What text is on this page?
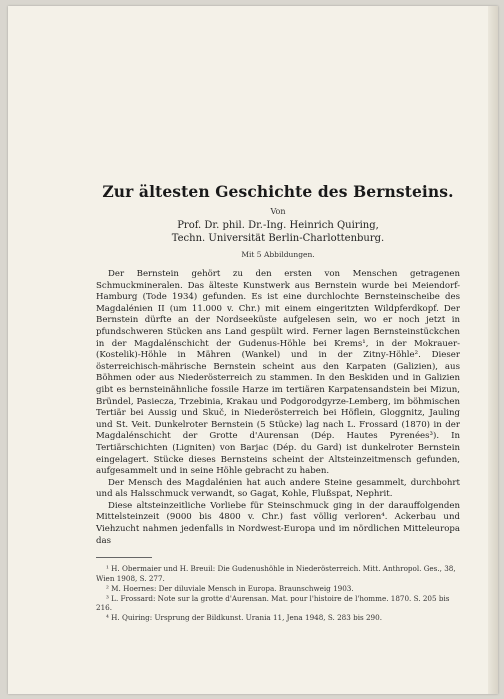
Zur ältesten Geschichte des Bernsteins.
Von
Prof. Dr. phil. Dr.-Ing. Heinrich Quiring,
Techn. Universität Berlin-Charlottenburg.
Mit 5 Abbildungen.

Der Bernstein gehört zu den ersten von Menschen getragenen Schmuckmineralen. Das älteste Kunstwerk aus Bernstein wurde bei Meiendorf-Hamburg (Tode 1934) gefunden. Es ist eine durchlochte Bernsteinscheibe des Magdalénien II (um 11.000 v. Chr.) mit einem eingeritzten Wildpferdkopf. Der Bernstein dürfte an der Nordseeküste aufgelesen sein, wo er noch jetzt in pfundschweren Stücken ans Land gespült wird. Ferner lagen Bernsteinstückchen in der Magdalénschicht der Gudenus-Höhle bei Krems¹, in der Mokrauer-(Kostelik)-Höhle in Mähren (Wankel) und in der Zitny-Höhle². Dieser österreichisch-mährische Bernstein scheint aus den Karpaten (Galizien), aus Böhmen oder aus Niederösterreich zu stammen. In den Beskiden und in Galizien gibt es bernsteinähnliche fossile Harze im tertiären Karpatensandstein bei Mizun, Bründel, Pasiecza, Trzebinia, Krakau und Podgorodgyrze-Lemberg, im böhmischen Tertiär bei Aussig und Skuč, in Niederösterreich bei Höflein, Gloggnitz, Jauling und St. Veit. Dunkelroter Bernstein (5 Stücke) lag nach L. Frossard (1870) in der Magdalénschicht der Grotte d'Aurensan (Dép. Hautes Pyrenées³). In Tertiärschichten (Ligniten) von Barjac (Dép. du Gard) ist dunkelroter Bernstein eingelagert. Stücke dieses Bernsteins scheint der Altsteinzeitmensch gefunden, aufgesammelt und in seine Höhle gebracht zu haben.

Der Mensch des Magdalénien hat auch andere Steine gesammelt, durchbohrt und als Halsschmuck verwandt, so Gagat, Kohle, Flußspat, Nephrit.

Diese altsteinzeitliche Vorliebe für Steinschmuck ging in der darauffolgenden Mittelsteinzeit (9000 bis 4800 v. Chr.) fast völlig verloren⁴. Ackerbau und Viehzucht nahmen jedenfalls in Nordwest-Europa und im nördlichen Mitteleuropa das

¹ H. Obermaier und H. Breuil: Die Gudenushöhle in Niederösterreich. Mitt. Anthropol. Ges., 38, Wien 1908, S. 277.

² M. Hoernes: Der diluviale Mensch in Europa. Braunschweig 1903.

³ L. Frossard: Note sur la grotte d'Aurensan. Mat. pour l'histoire de l'homme. 1870. S. 205 bis 216.

⁴ H. Quiring: Ursprung der Bildkunst. Urania 11, Jena 1948, S. 283 bis 290.
